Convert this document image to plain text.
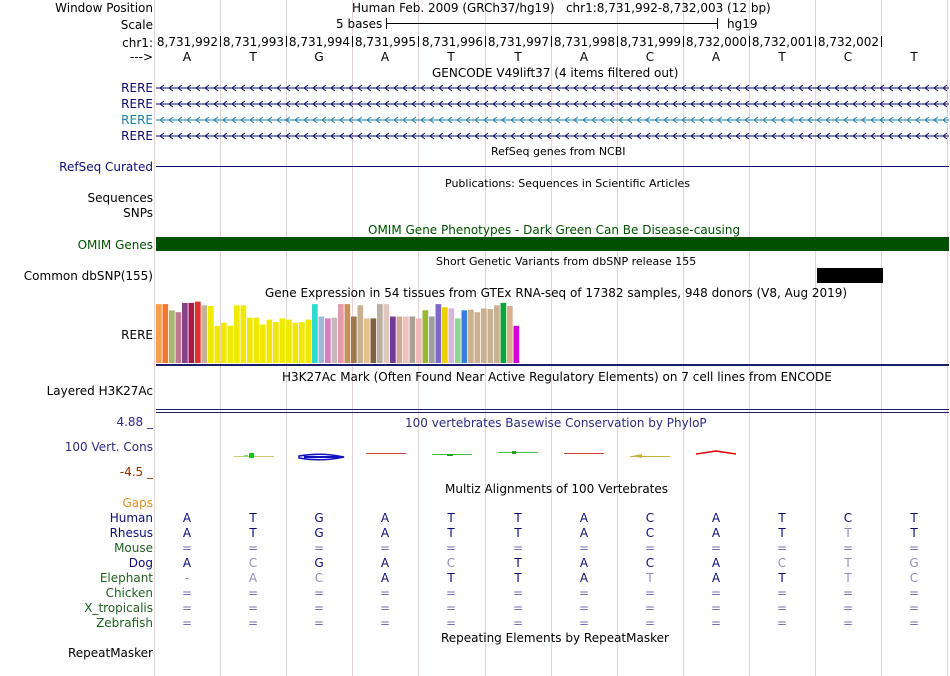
Window Position	Human Feb. 2009 (GRCh37/hg19)   chr1:8,731,992-8,732,003 (12 bp)
Scale	5 bases	hg19
chr1: 8,731,992 8,731,993 8,731,994 8,731,995 8,731,996 8,731,997 8,731,998 8,731,999 8,732,000 8,732,001 8,732,002
--->	A	T	G	A	T	T	A	C	A	T	C	T
GENCODE V49lift37 (4 items filtered out)
RERE
RERE
RERE
RERE
RefSeq genes from NCBI
RefSeq Curated
Publications: Sequences in Scientific Articles
Sequences
SNPs
OMIM Gene Phenotypes - Dark Green Can Be Disease-causing
OMIM Genes
Short Genetic Variants from dbSNP release 155
Common dbSNP(155)
Gene Expression in 54 tissues from GTEx RNA-seq of 17382 samples, 948 donors (V8, Aug 2019)
RERE
H3K27Ac Mark (Often Found Near Active Regulatory Elements) on 7 cell lines from ENCODE
Layered H3K27Ac
100 vertebrates Basewise Conservation by PhyloP
4.88 _
100 Vert. Cons
-4.5 _
Multiz Alignments of 100 Vertebrates
Gaps
Human	A	T	G	A	T	T	A	C	A	T	C	T
Rhesus	A	T	G	A	T	T	A	C	A	T	T	T
Mouse	=	=	=	=	=	=	=	=	=	=	=	=
Dog	A	C	G	A	C	T	A	C	A	C	T	G
Elephant	-	A	C	A	T	T	A	T	A	T	T	C
Chicken	=	=	=	=	=	=	=	=	=	=	=	=
X_tropicalis	=	=	=	=	=	=	=	=	=	=	=	=
Zebrafish	=	=	=	=	=	=	=	=	=	=	=	=
Repeating Elements by RepeatMasker
RepeatMasker
